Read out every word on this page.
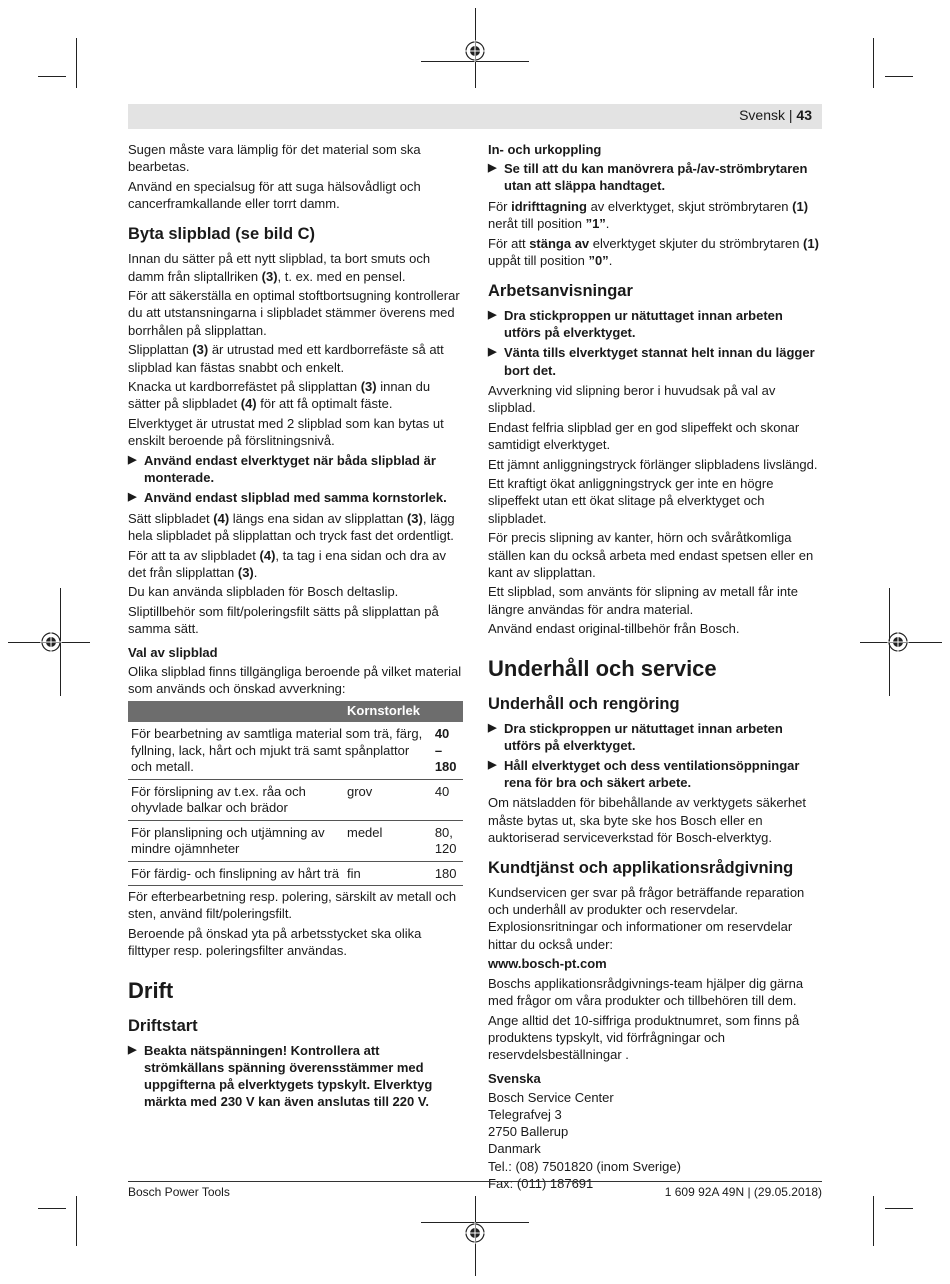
Svensk | 43

Sugen måste vara lämplig för det material som ska bearbetas.

Använd en specialsug för att suga hälsovådligt och cancerframkallande eller torrt damm.

Byta slipblad (se bild C)

Innan du sätter på ett nytt slipblad, ta bort smuts och damm från sliptallriken (3), t. ex. med en pensel.

För att säkerställa en optimal stoftbortsugning kontrollerar du att utstansningarna i slipbladet stämmer överens med borrhålen på slipplattan.

Slipplattan (3) är utrustad med ett kardborrefäste så att slipblad kan fästas snabbt och enkelt.

Knacka ut kardborrefästet på slipplattan (3) innan du sätter på slipbladet (4) för att få optimalt fäste.

Elverktyget är utrustat med 2 slipblad som kan bytas ut enskilt beroende på förslitningsnivå.

▶ Använd endast elverktyget när båda slipblad är monterade.
▶ Använd endast slipblad med samma kornstorlek.

Sätt slipbladet (4) längs ena sidan av slipplattan (3), lägg hela slipbladet på slipplattan och tryck fast det ordentligt.

För att ta av slipbladet (4), ta tag i ena sidan och dra av det från slipplattan (3).

Du kan använda slipbladen för Bosch deltaslip.

Sliptillbehör som filt/poleringsfilt sätts på slipplattan på samma sätt.

Val av slipblad

Olika slipblad finns tillgängliga beroende på vilket material som används och önskad avverkning:

	Kornstorlek	
För bearbetning av samtliga material som trä, färg, fyllning, lack, hårt och mjukt trä samt spånplattor och metall.		40 – 180
För förslipning av t.ex. råa och ohyvlade balkar och brädor	grov	40
För planslipning och utjämning av mindre ojämnheter	medel	80, 120
För färdig- och finslipning av hårt trä	fin	180

För efterbearbetning resp. polering, särskilt av metall och sten, använd filt/poleringsfilt.

Beroende på önskad yta på arbetsstycket ska olika filttyper resp. poleringsfilter användas.

Drift
Driftstart
▶ Beakta nätspänningen! Kontrollera att strömkällans spänning överensstämmer med uppgifterna på elverktygets typskylt. Elverktyg märkta med 230 V kan även anslutas till 220 V.
In- och urkoppling
▶ Se till att du kan manövrera på-/av-strömbrytaren utan att släppa handtaget.

För idrifttagning av elverktyget, skjut strömbrytaren (1) neråt till position ”1”.

För att stänga av elverktyget skjuter du strömbrytaren (1) uppåt till position ”0”.

Arbetsanvisningar
▶ Dra stickproppen ur nätuttaget innan arbeten utförs på elverktyget.
▶ Vänta tills elverktyget stannat helt innan du lägger bort det.

Avverkning vid slipning beror i huvudsak på val av slipblad.

Endast felfria slipblad ger en god slipeffekt och skonar samtidigt elverktyget.

Ett jämnt anliggningstryck förlänger slipbladens livslängd.

Ett kraftigt ökat anliggningstryck ger inte en högre slipeffekt utan ett ökat slitage på elverktyget och slipbladet.

För precis slipning av kanter, hörn och svåråtkomliga ställen kan du också arbeta med endast spetsen eller en kant av slipplattan.

Ett slipblad, som använts för slipning av metall får inte längre användas för andra material.

Använd endast original-tillbehör från Bosch.

Underhåll och service
Underhåll och rengöring
▶ Dra stickproppen ur nätuttaget innan arbeten utförs på elverktyget.
▶ Håll elverktyget och dess ventilationsöppningar rena för bra och säkert arbete.

Om nätsladden för bibehållande av verktygets säkerhet måste bytas ut, ska byte ske hos Bosch eller en auktoriserad serviceverkstad för Bosch-elverktyg.

Kundtjänst och applikationsrådgivning

Kundservicen ger svar på frågor beträffande reparation och underhåll av produkter och reservdelar. Explosionsritningar och informationer om reservdelar hittar du också under:

www.bosch-pt.com

Boschs applikationsrådgivnings-team hjälper dig gärna med frågor om våra produkter och tillbehören till dem.

Ange alltid det 10-siffriga produktnumret, som finns på produktens typskylt, vid förfrågningar och reservdelsbeställningar .

Svenska
Bosch Service Center
Telegrafvej 3
2750 Ballerup
Danmark
Tel.: (08) 7501820 (inom Sverige)
Fax: (011) 187691
Bosch Power Tools	1 609 92A 49N | (29.05.2018)
